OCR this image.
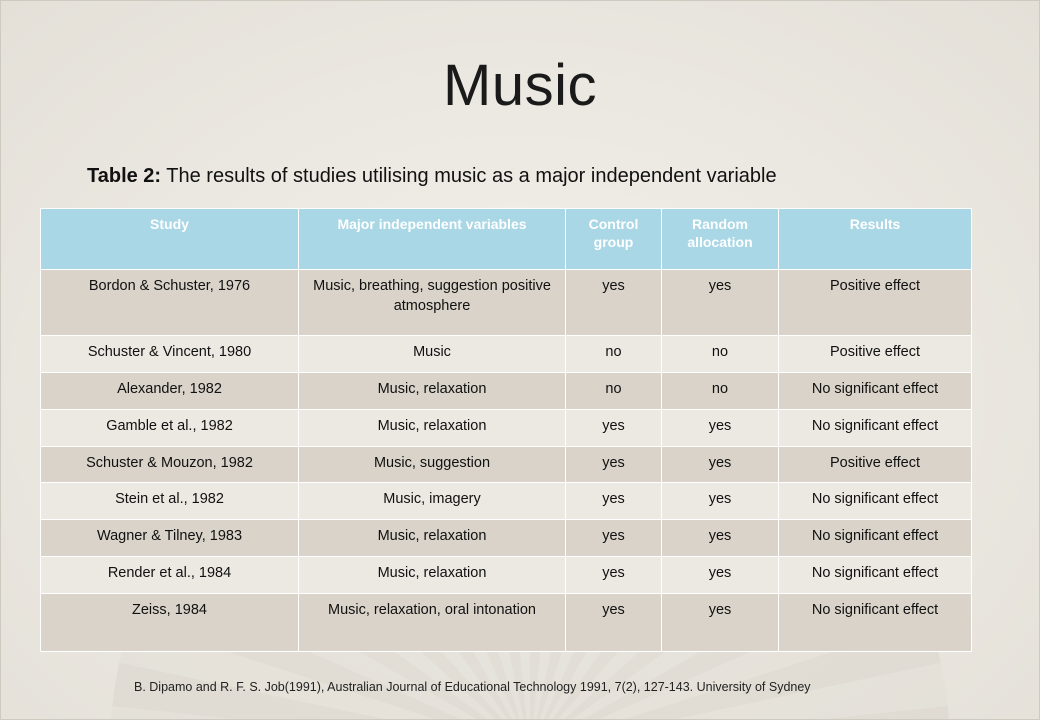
Music
Table 2: The results of studies utilising music as a major independent variable
Study	Major independent variables	Control group	Random allocation	Results
Bordon & Schuster, 1976	Music, breathing, suggestion positive atmosphere	yes	yes	Positive effect
Schuster & Vincent, 1980	Music	no	no	Positive effect
Alexander, 1982	Music, relaxation	no	no	No significant effect
Gamble et al., 1982	Music, relaxation	yes	yes	No significant effect
Schuster & Mouzon, 1982	Music, suggestion	yes	yes	Positive effect
Stein et al., 1982	Music, imagery	yes	yes	No significant effect
Wagner & Tilney, 1983	Music, relaxation	yes	yes	No significant effect
Render et al., 1984	Music, relaxation	yes	yes	No significant effect
Zeiss, 1984	Music, relaxation, oral intonation	yes	yes	No significant effect
B. Dipamo and R. F. S. Job(1991), Australian Journal of Educational Technology 1991, 7(2), 127-143. University of Sydney
